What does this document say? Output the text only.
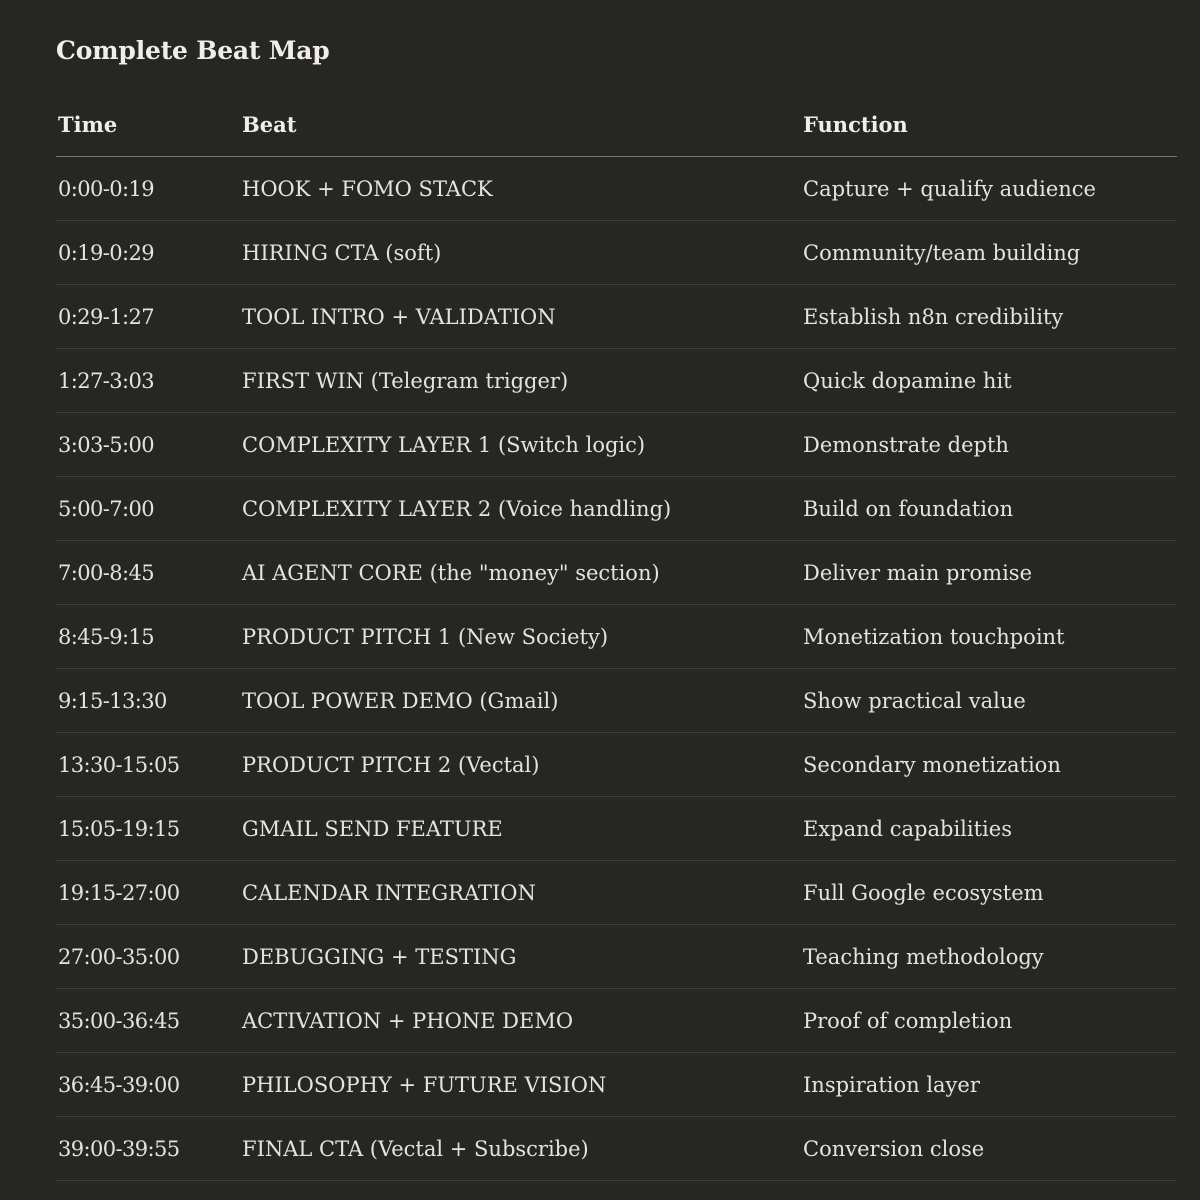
Complete Beat Map
Time	Beat	Function
0:00-0:19	HOOK + FOMO STACK	Capture + qualify audience
0:19-0:29	HIRING CTA (soft)	Community/team building
0:29-1:27	TOOL INTRO + VALIDATION	Establish n8n credibility
1:27-3:03	FIRST WIN (Telegram trigger)	Quick dopamine hit
3:03-5:00	COMPLEXITY LAYER 1 (Switch logic)	Demonstrate depth
5:00-7:00	COMPLEXITY LAYER 2 (Voice handling)	Build on foundation
7:00-8:45	AI AGENT CORE (the "money" section)	Deliver main promise
8:45-9:15	PRODUCT PITCH 1 (New Society)	Monetization touchpoint
9:15-13:30	TOOL POWER DEMO (Gmail)	Show practical value
13:30-15:05	PRODUCT PITCH 2 (Vectal)	Secondary monetization
15:05-19:15	GMAIL SEND FEATURE	Expand capabilities
19:15-27:00	CALENDAR INTEGRATION	Full Google ecosystem
27:00-35:00	DEBUGGING + TESTING	Teaching methodology
35:00-36:45	ACTIVATION + PHONE DEMO	Proof of completion
36:45-39:00	PHILOSOPHY + FUTURE VISION	Inspiration layer
39:00-39:55	FINAL CTA (Vectal + Subscribe)	Conversion close
